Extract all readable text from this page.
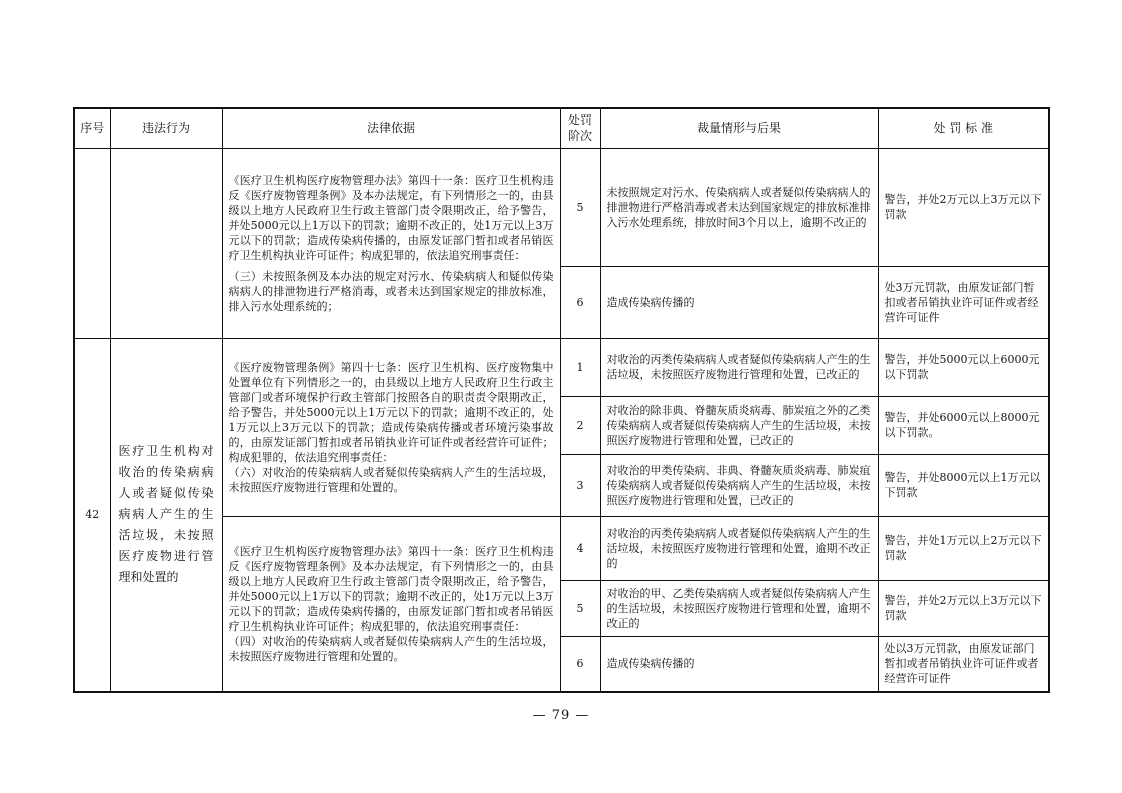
序号	违法行为	法律依据	处罚阶次	裁量情形与后果	处 罚 标 准

		《医疗卫生机构医疗废物管理办法》第四十一条：医疗卫生机构违反《医疗废物管理条例》及本办法规定，有下列情形之一的，由县级以上地方人民政府卫生行政主管部门责令限期改正，给予警告，并处5000元以上1万以下的罚款；逾期不改正的，处1万元以上3万元以下的罚款；造成传染病传播的，由原发证部门暂扣或者吊销医疗卫生机构执业许可证件；构成犯罪的，依法追究刑事责任：

（三）未按照条例及本办法的规定对污水、传染病病人和疑似传染病病人的排泄物进行严格消毒，或者未达到国家规定的排放标准，排入污水处理系统的；	5	未按照规定对污水、传染病病人或者疑似传染病病人的排泄物进行严格消毒或者未达到国家规定的排放标准排入污水处理系统，排放时间3个月以上，逾期不改正的	警告，并处2万元以上3万元以下罚款
			6	造成传染病传播的	处3万元罚款，由原发证部门暂扣或者吊销执业许可证件或者经营许可证件
42	医疗卫生机构对收治的传染病病人或者疑似传染病病人产生的生活垃圾，未按照医疗废物进行管理和处置的	《医疗废物管理条例》第四十七条：医疗卫生机构、医疗废物集中处置单位有下列情形之一的，由县级以上地方人民政府卫生行政主管部门或者环境保护行政主管部门按照各自的职责责令限期改正，给予警告，并处5000元以上1万元以下的罚款；逾期不改正的，处1万元以上3万元以下的罚款；造成传染病传播或者环境污染事故的，由原发证部门暂扣或者吊销执业许可证件或者经营许可证件；构成犯罪的，依法追究刑事责任：

（六）对收治的传染病病人或者疑似传染病病人产生的生活垃圾，未按照医疗废物进行管理和处置的。	1	对收治的丙类传染病病人或者疑似传染病病人产生的生活垃圾，未按照医疗废物进行管理和处置，已改正的	警告，并处5000元以上6000元以下罚款
			2	对收治的除非典、脊髓灰质炎病毒、肺炭疽之外的乙类传染病病人或者疑似传染病病人产生的生活垃圾，未按照医疗废物进行管理和处置，已改正的	警告，并处6000元以上8000元以下罚款。
			3	对收治的甲类传染病、非典、脊髓灰质炎病毒、肺炭疽传染病病人或者疑似传染病病人产生的生活垃圾，未按照医疗废物进行管理和处置，已改正的	警告，并处8000元以上1万元以下罚款

		《医疗卫生机构医疗废物管理办法》第四十一条：医疗卫生机构违反《医疗废物管理条例》及本办法规定，有下列情形之一的，由县级以上地方人民政府卫生行政主管部门责令限期改正，给予警告，并处5000元以上1万以下的罚款；逾期不改正的，处1万元以上3万元以下的罚款；造成传染病传播的，由原发证部门暂扣或者吊销医疗卫生机构执业许可证件；构成犯罪的，依法追究刑事责任：

（四）对收治的传染病病人或者疑似传染病病人产生的生活垃圾，未按照医疗废物进行管理和处置的。	4	对收治的丙类传染病病人或者疑似传染病病人产生的生活垃圾，未按照医疗废物进行管理和处置，逾期不改正的	警告，并处1万元以上2万元以下罚款
			5	对收治的甲、乙类传染病病人或者疑似传染病病人产生的生活垃圾，未按照医疗废物进行管理和处置，逾期不改正的	警告，并处2万元以上3万元以下罚款
			6	造成传染病传播的	处以3万元罚款，由原发证部门暂扣或者吊销执业许可证件或者经营许可证件
— 79 —
